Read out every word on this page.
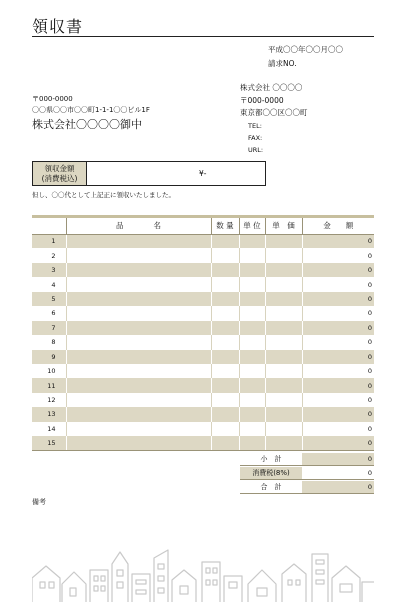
領収書
平成〇〇年〇〇月〇〇
請求NO.
株式会社 〇〇〇〇
〒000-0000
東京都〇〇区〇〇町
TEL:
FAX:
URL:
〒000-0000
〇〇県〇〇市〇〇町1-1-1〇〇ビル1F
株式会社〇〇〇〇御中
領収金額
(消費税込)
¥-
但し、〇〇代として上記正に領収いたしました。
	品　　　　名	数 量	単 位	単　価	金　　額
1					0
2					0
3					0
4					0
5					0
6					0
7					0
8					0
9					0
10					0
11					0
12					0
13					0
14					0
15					0
小　計	0
消費税(8%)	0
合　計	0
備考
